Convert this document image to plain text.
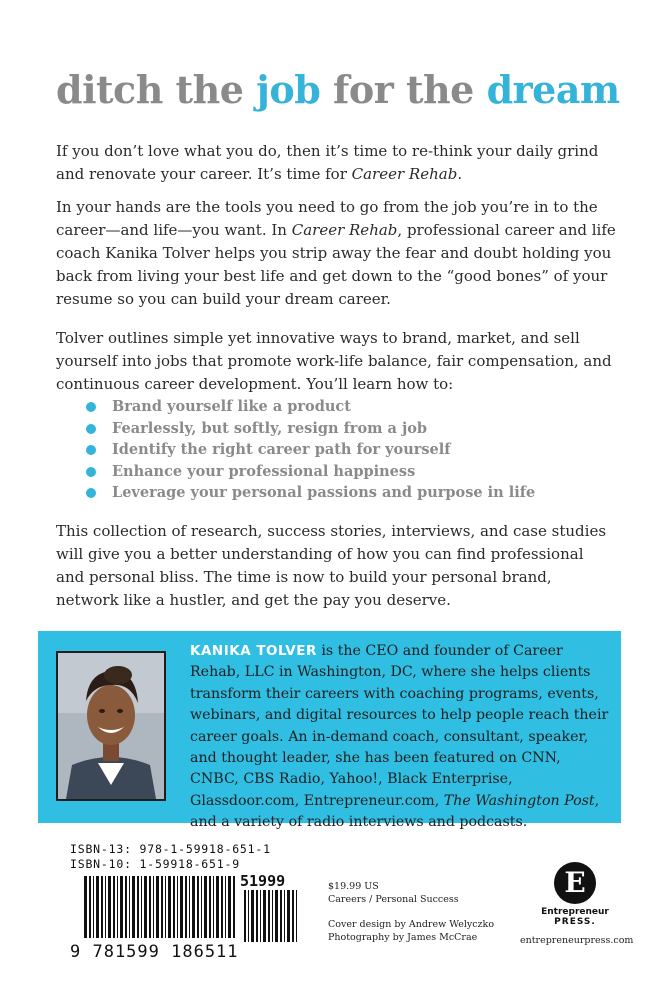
ditch the job for the dream

If you don’t love what you do, then it’s time to re-think your daily grind and renovate your career. It’s time for Career Rehab.

In your hands are the tools you need to go from the job you’re in to the career—and life—you want. In Career Rehab, professional career and life coach Kanika Tolver helps you strip away the fear and doubt holding you back from living your best life and get down to the “good bones” of your resume so you can build your dream career.

Tolver outlines simple yet innovative ways to brand, market, and sell yourself into jobs that promote work-life balance, fair compensation, and continuous career development. You’ll learn how to:

Brand yourself like a product
Fearlessly, but softly, resign from a job
Identify the right career path for yourself
Enhance your professional happiness
Leverage your personal passions and purpose in life

This collection of research, success stories, interviews, and case studies will give you a better understanding of how you can find professional and personal bliss. The time is now to build your personal brand, network like a hustler, and get the pay you deserve.

KANIKA TOLVER is the CEO and founder of Career Rehab, LLC in Washington, DC, where she helps clients transform their careers with coaching programs, events, webinars, and digital resources to help people reach their career goals. An in-demand coach, consultant, speaker, and thought leader, she has been featured on CNN, CNBC, CBS Radio, Yahoo!, Black Enterprise, Glassdoor.com, Entrepreneur.com, The Washington Post, and a variety of radio interviews and podcasts.

ISBN-13: 978-1-59918-651-1
ISBN-10: 1-59918-651-9
51999
9 781599 186511
$19.99 US
Careers / Personal Success
Cover design by Andrew Welyczko
Photography by James McCrae
E
Entrepreneur
PRESS.
entrepreneurpress.com
